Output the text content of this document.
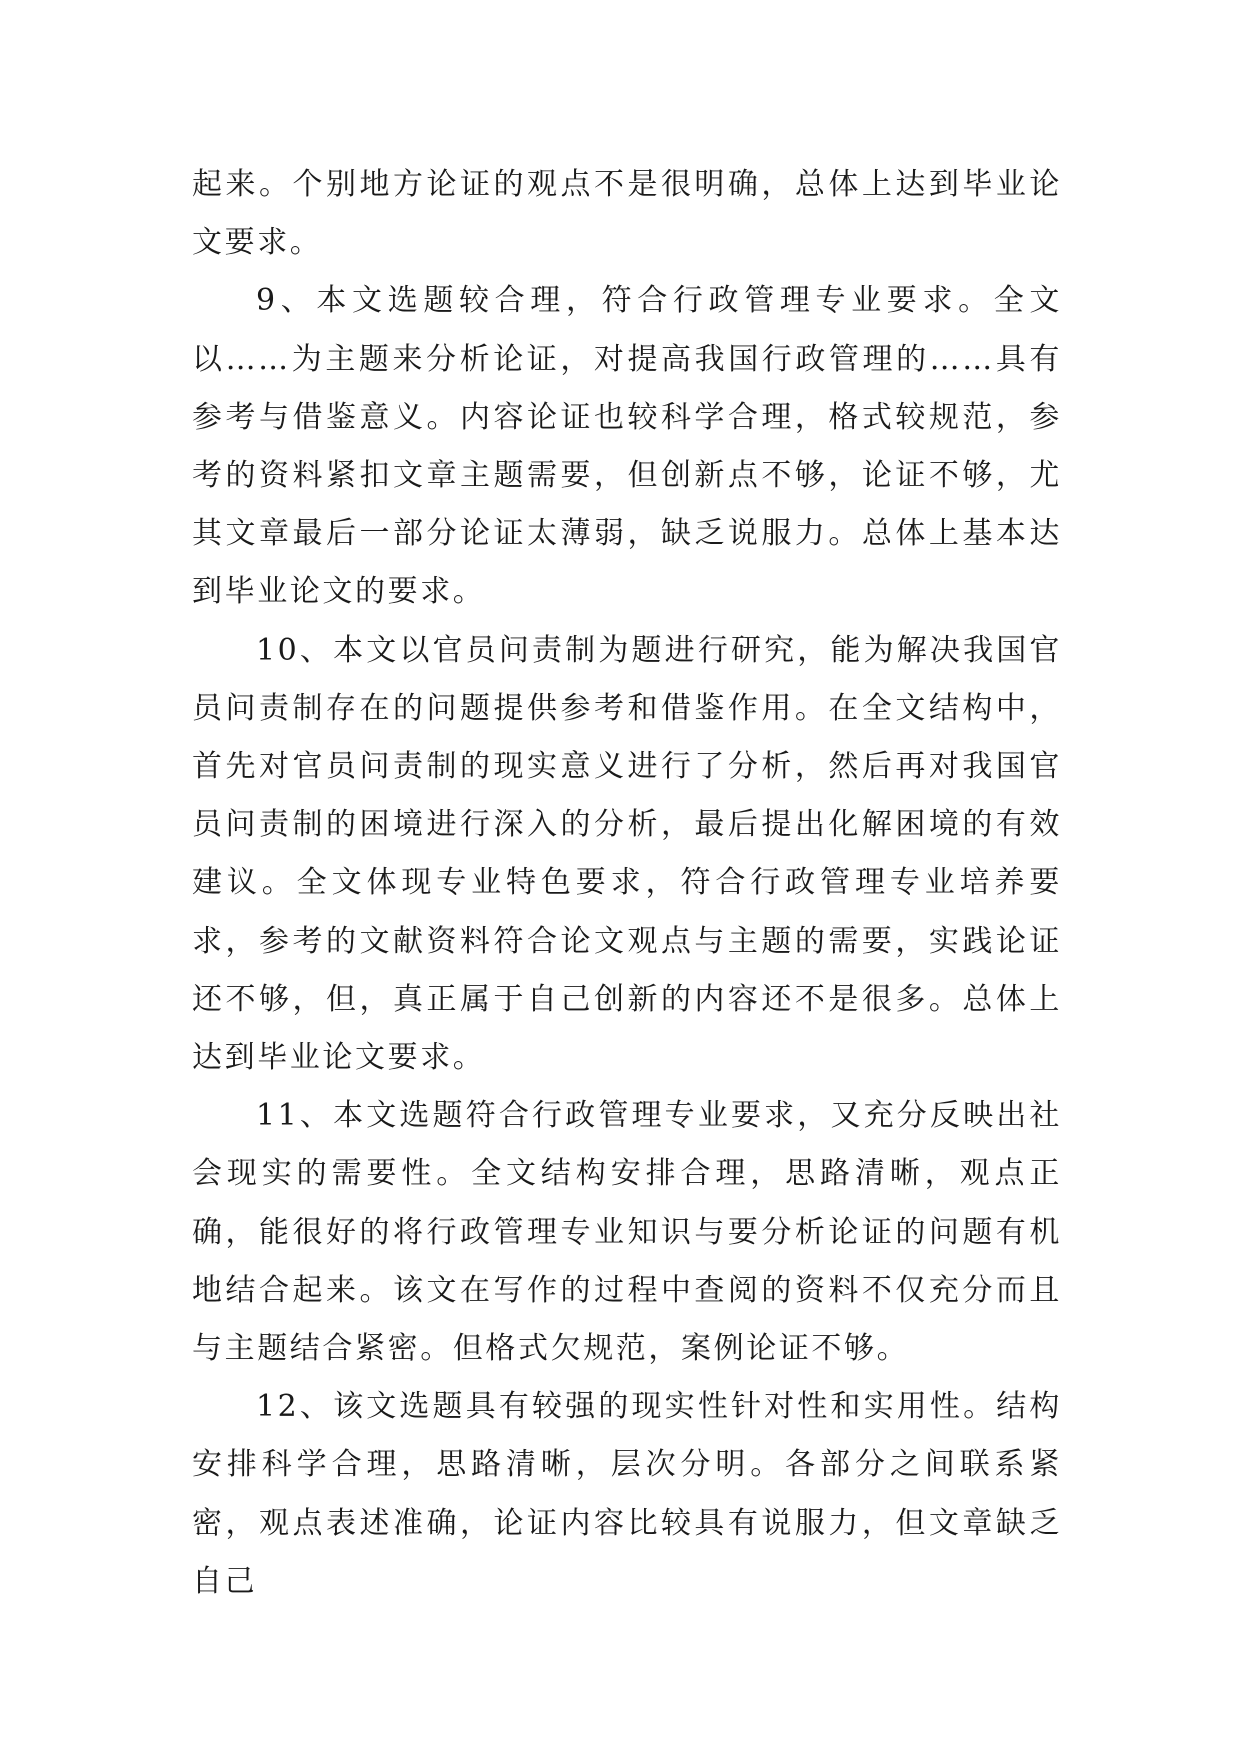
起来。个别地方论证的观点不是很明确，总体上达到毕业论文要求。

9、本文选题较合理，符合行政管理专业要求。全文以……为主题来分析论证，对提高我国行政管理的……具有参考与借鉴意义。内容论证也较科学合理，格式较规范，参考的资料紧扣文章主题需要，但创新点不够，论证不够，尤其文章最后一部分论证太薄弱，缺乏说服力。总体上基本达到毕业论文的要求。

10、本文以官员问责制为题进行研究，能为解决我国官员问责制存在的问题提供参考和借鉴作用。在全文结构中，首先对官员问责制的现实意义进行了分析，然后再对我国官员问责制的困境进行深入的分析，最后提出化解困境的有效建议。全文体现专业特色要求，符合行政管理专业培养要求，参考的文献资料符合论文观点与主题的需要，实践论证还不够，但，真正属于自己创新的内容还不是很多。总体上达到毕业论文要求。

11、本文选题符合行政管理专业要求，又充分反映出社会现实的需要性。全文结构安排合理，思路清晰，观点正确，能很好的将行政管理专业知识与要分析论证的问题有机地结合起来。该文在写作的过程中查阅的资料不仅充分而且与主题结合紧密。但格式欠规范，案例论证不够。

12、该文选题具有较强的现实性针对性和实用性。结构安排科学合理，思路清晰，层次分明。各部分之间联系紧密，观点表述准确，论证内容比较具有说服力，但文章缺乏自己
